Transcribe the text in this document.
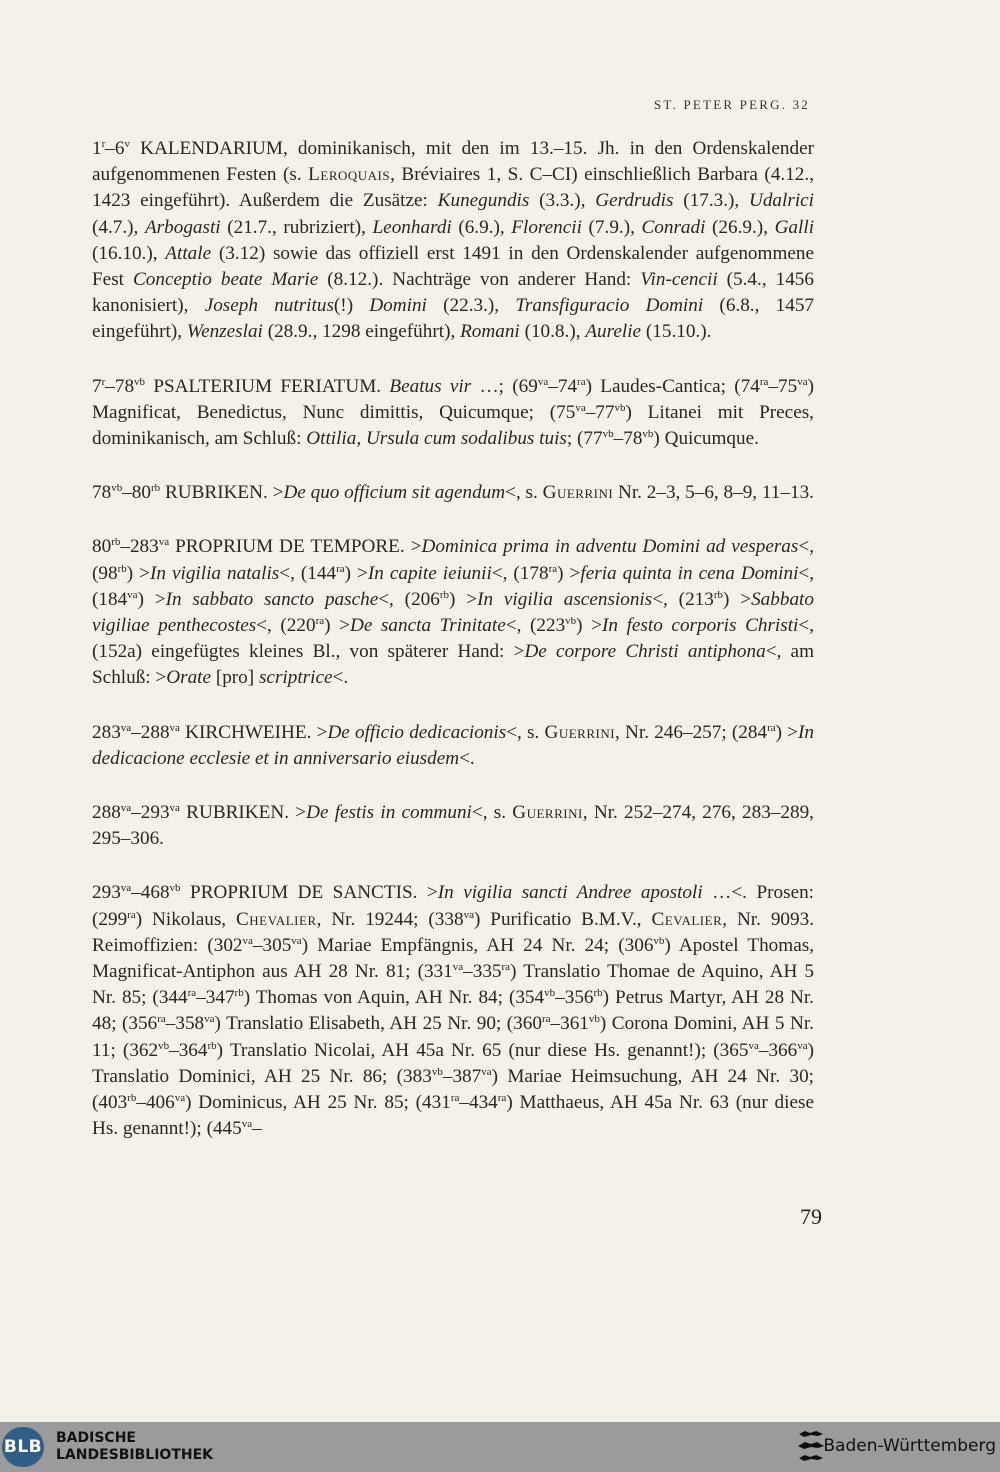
ST. PETER PERG. 32

1$^r$–6$^v$ KALENDARIUM, dominikanisch, mit den im 13.–15. Jh. in den Ordenskalender aufgenommenen Festen (s. Leroquais, Bréviaires 1, S. C–CI) einschließlich Barbara (4.12., 1423 eingeführt). Außerdem die Zusätze: Kunegundis (3.3.), Gerdrudis (17.3.), Udalrici (4.7.), Arbogasti (21.7., rubriziert), Leonhardi (6.9.), Florencii (7.9.), Conradi (26.9.), Galli (16.10.), Attale (3.12) sowie das offiziell erst 1491 in den Ordenskalender aufgenommene Fest Conceptio beate Marie (8.12.). Nachträge von anderer Hand: Vin-cencii (5.4., 1456 kanonisiert), Joseph nutritus(!) Domini (22.3.), Transfiguracio Domini (6.8., 1457 eingeführt), Wenzeslai (28.9., 1298 eingeführt), Romani (10.8.), Aurelie (15.10.).

$7^r-78^{vb}$ PSALTERIUM FERIATUM. Beatus vir …; $(69^{va}-74^{ra})$ Laudes-Cantica; $(74^{ra}-75^{va})$ Magnificat, Benedictus, Nunc dimittis, Quicumque; $(75^{va}-77^{vb})$ Litanei mit Preces, dominikanisch, am Schluß: Ottilia, Ursula cum sodalibus tuis; $(77^{vb}-78^{vb})$ Quicumque.

$78^{vb}-80^{rb}$ RUBRIKEN. >De quo officium sit agendum<, s. Guerrini Nr. 2–3, 5–6, 8–9, 11–13.

$80^{rb}-283^{va}$ PROPRIUM DE TEMPORE. >Dominica prima in adventu Domini ad vesperas<, $(98^{rb}) >In$ vigilia natalis<, $(144^{ra}) >In$ capite ieiunii<, $(178^{ra})$ >feria quinta in cena Domini<, $(184^{va}) >In$ sabbato sancto pasche<, $(206^{rb}) >In$ vigilia ascensionis<, $(213^{rb})$ >Sabbato vigiliae penthecostes<, $(220^{ra}) >De$ sancta Trinitate<, $(223^{vb}) >In$ festo corporis Christi<, (152a) eingefügtes kleines Bl., von späterer Hand: >De corpore Christi antiphona<, am Schluß: >Orate [pro] scriptrice<.

$283^{va}-288^{va}$ KIRCHWEIHE. >De officio dedicacionis<, s. Guerrini, Nr. 246–257; $(284^{ra}) >In$ dedicacione ecclesie et in anniversario eiusdem<.

$288^{va}-293^{va}$ RUBRIKEN. >De festis in communi<, s. Guerrini, Nr. 252–274, 276, 283–289, 295–306.

$293^{va}-468^{vb}$ PROPRIUM DE SANCTIS. >In vigilia sancti Andree apostoli …<. Prosen: $(299^{ra})$ Nikolaus, Chevalier, Nr. 19244; $(338^{va})$ Purificatio B.M.V., Cevalier, Nr. 9093. Reimoffizien: $(302^{va}-305^{va})$ Mariae Empfängnis, AH 24 Nr. 24; $(306^{vb})$ Apostel Thomas, Magnificat-Antiphon aus AH 28 Nr. 81; $(331^{va}-335^{ra})$ Translatio Thomae de Aquino, AH 5 Nr. 85; $(344^{ra}-347^{rb})$ Thomas von Aquin, AH Nr. 84; $(354^{vb}-356^{rb})$ Petrus Martyr, AH 28 Nr. 48; $(356^{ra}-358^{va})$ Translatio Elisabeth, AH 25 Nr. 90; $(360^{ra}-361^{vb})$ Corona Domini, AH 5 Nr. 11; $(362^{vb}-364^{rb})$ Translatio Nicolai, AH 45a Nr. 65 (nur diese Hs. genannt!); $(365^{va}-366^{va})$ Translatio Dominici, AH 25 Nr. 86; $(383^{vb}-387^{va})$ Mariae Heimsuchung, AH 24 Nr. 30; $(403^{rb}-406^{va})$ Dominicus, AH 25 Nr. 85; $(431^{ra}-434^{ra})$ Matthaeus, AH 45a Nr. 63 (nur diese Hs. genannt!); ($445^{va}-$

79
BLB BADISCHE
LANDESBIBLIOTHEK	Baden-Württemberg
